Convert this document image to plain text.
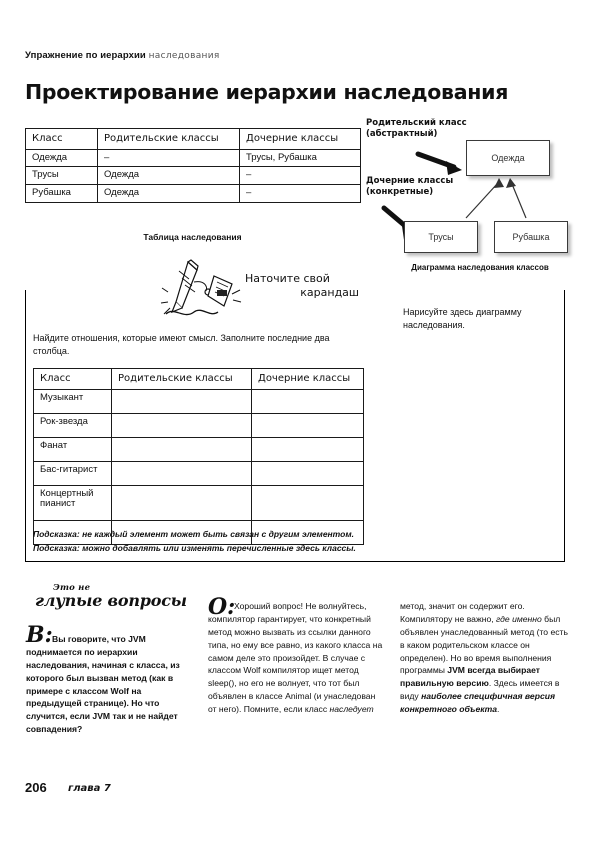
Упражнение по иерархии наследования
Проектирование иерархии наследования
Класс	Родительские классы	Дочерние классы
Одежда	–	Трусы, Рубашка
Трусы	Одежда	–
Рубашка	Одежда	–
Таблица наследования
Одежда
Трусы	Рубашка
Родительский класс
(абстрактный)
Дочерние классы
(конкретные)
Диаграмма наследования классов
Наточите свой
карандаш
Найдите отношения, которые имеют смысл. Заполните последние два столбца.
Нарисуйте здесь диаграмму наследования.
Класс	Родительские классы	Дочерние классы
Музыкант		
Рок-звезда		
Фанат		
Бас-гитарист		
Концертный пианист		

Подсказка: не каждый элемент может быть связан с другим элементом.
Подсказка: можно добавлять или изменять перечисленные здесь классы.
Это не
глупые вопросы
В: Вы говорите, что JVM поднимается по иерархии наследования, начиная с класса, из которого был вызван метод (как в примере с классом Wolf на предыдущей странице). Но что случится, если JVM так и не найдет совпадения?
О:
Хороший вопрос! Не волнуйтесь, компилятор гарантирует, что конкретный метод можно вызвать из ссылки данного типа, но ему все равно, из какого класса на самом деле это произойдет. В случае с классом Wolf компилятор ищет метод sleep(), но его не волнует, что тот был объявлен в классе Animal (и унаследован от него). Помните, если класс наследует
метод, значит он содержит его. Компилятору не важно, где именно был объявлен унаследованный метод (то есть в каком родительском классе он определен). Но во время выполнения программы JVM всегда выбирает правильную версию. Здесь имеется в виду наиболее специфичная версия конкретного объекта.
206 глава 7
